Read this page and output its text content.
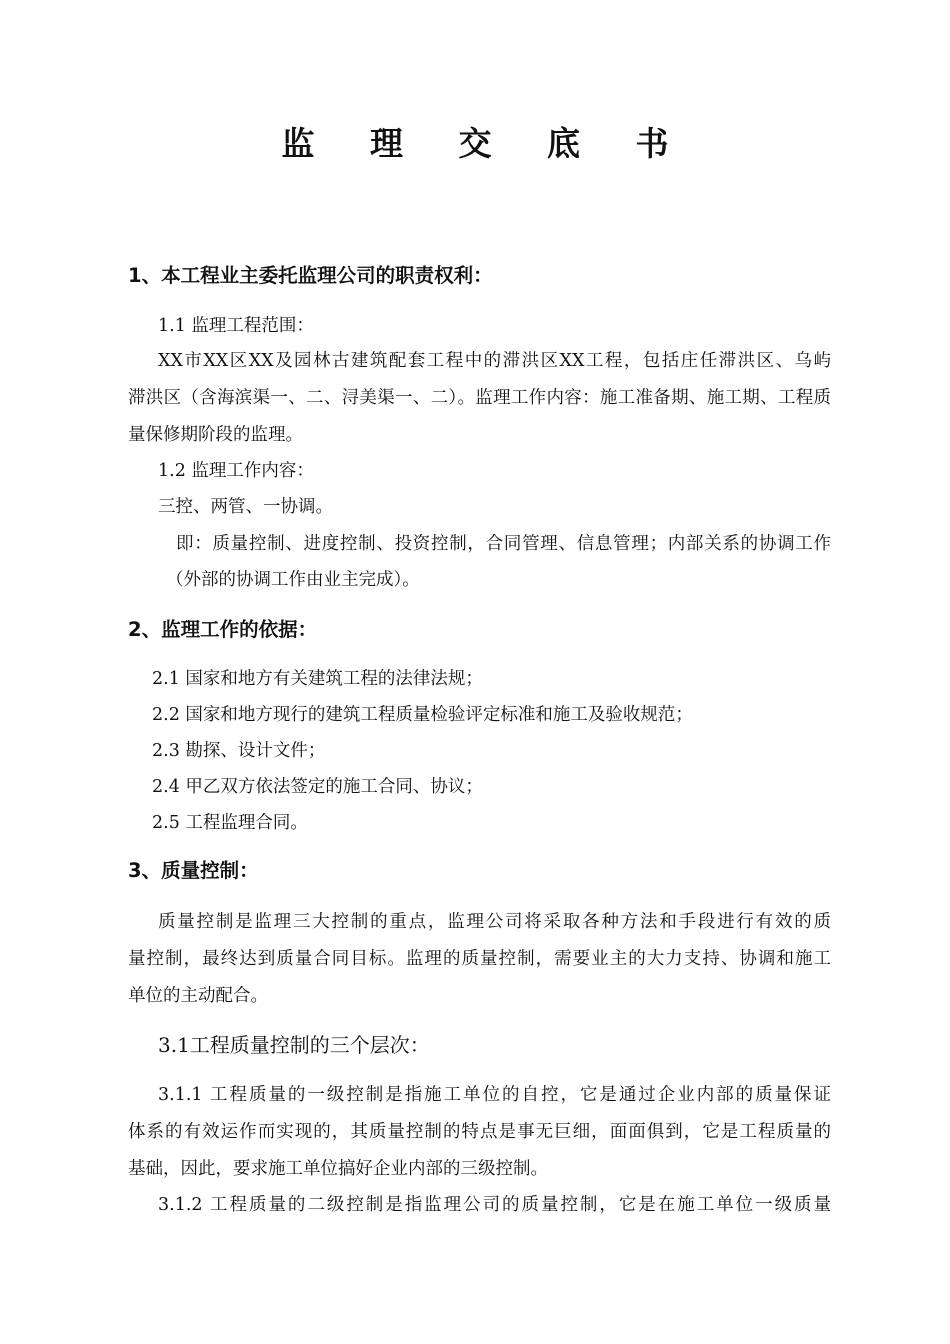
监 理 交 底 书
1、本工程业主委托监理公司的职责权利：
1.1 监理工程范围：
XX市XX区XX及园林古建筑配套工程中的滞洪区XX工程，包括庄任滞洪区、乌屿
滞洪区（含海滨渠一、二、浔美渠一、二）。监理工作内容：施工准备期、施工期、工程质
量保修期阶段的监理。
1.2 监理工作内容：
三控、两管、一协调。
即：质量控制、进度控制、投资控制，合同管理、信息管理；内部关系的协调工作
（外部的协调工作由业主完成）。
2、监理工作的依据：
2.1 国家和地方有关建筑工程的法律法规；
2.2 国家和地方现行的建筑工程质量检验评定标准和施工及验收规范；
2.3 勘探、设计文件；
2.4 甲乙双方依法签定的施工合同、协议；
2.5 工程监理合同。
3、质量控制：
质量控制是监理三大控制的重点，监理公司将采取各种方法和手段进行有效的质
量控制，最终达到质量合同目标。监理的质量控制，需要业主的大力支持、协调和施工
单位的主动配合。
3.1工程质量控制的三个层次：
3.1.1 工程质量的一级控制是指施工单位的自控，它是通过企业内部的质量保证
体系的有效运作而实现的，其质量控制的特点是事无巨细，面面俱到，它是工程质量的
基础，因此，要求施工单位搞好企业内部的三级控制。
3.1.2 工程质量的二级控制是指监理公司的质量控制，它是在施工单位一级质量
